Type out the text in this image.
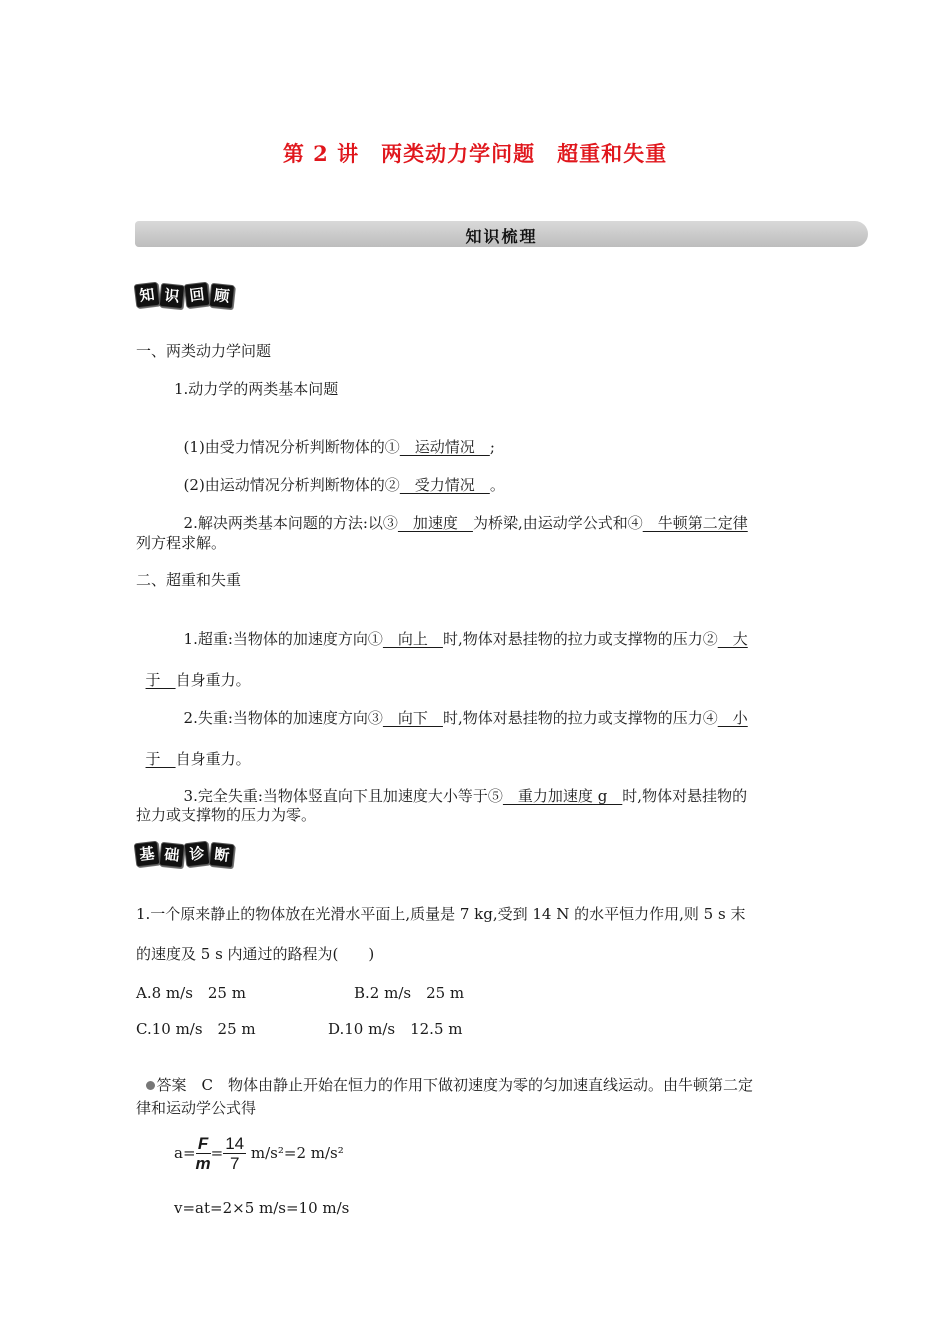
第 2 讲　两类动力学问题　超重和失重
知识梳理
知 识 回 顾
一、两类动力学问题
1.动力学的两类基本问题

(1)由受力情况分析判断物体的①　运动情况　;

(2)由运动情况分析判断物体的②　受力情况　。

2.解决两类基本问题的方法:以③　加速度　为桥梁,由运动学公式和④　牛顿第二定律

列方程求解。
二、超重和失重

1.超重:当物体的加速度方向①　向上　时,物体对悬挂物的拉力或支撑物的压力②　大

于　自身重力。

2.失重:当物体的加速度方向③　向下　时,物体对悬挂物的拉力或支撑物的压力④　小

于　自身重力。

3.完全失重:当物体竖直向下且加速度大小等于⑤　重力加速度 g　时,物体对悬挂物的

拉力或支撑物的压力为零。
基 础 诊 断
1.一个原来静止的物体放在光滑水平面上,质量是 7 kg,受到 14 N 的水平恒力作用,则 5 s 末
的速度及 5 s 内通过的路程为(　　)
A.8 m/s　25 m	B.2 m/s　25 m
C.10 m/s　25 m	D.10 m/s　12.5 m

答案　C　物体由静止开始在恒力的作用下做初速度为零的匀加速直线运动。由牛顿第二定

律和运动学公式得
$a= \frac{F}{m} = \frac{14}{7} m/s^2=2$ m/s²
v=at=2×5 m/s=10 m/s
